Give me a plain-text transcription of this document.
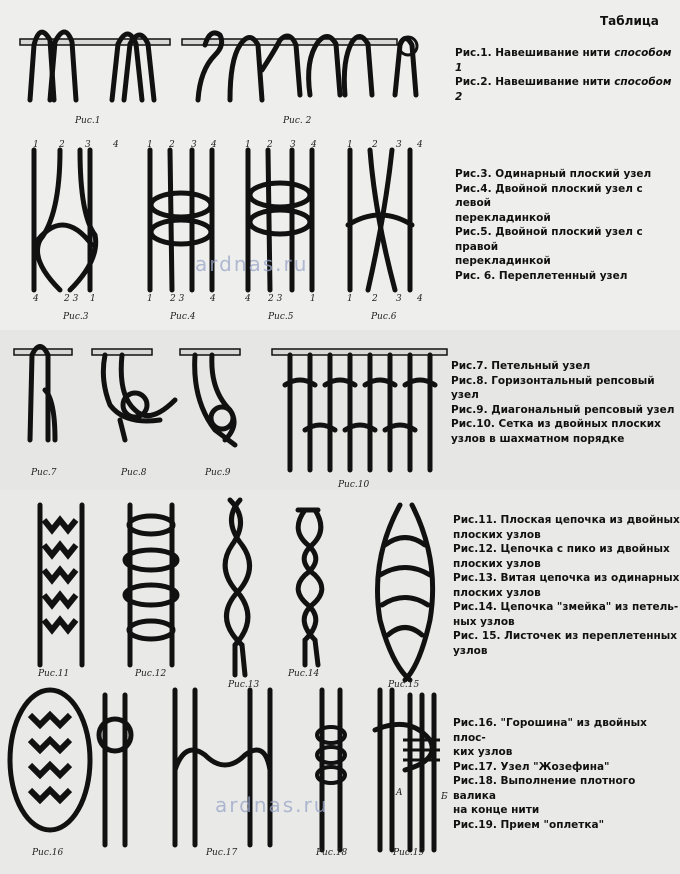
Таблица
Рис.1. Навешивание нити способом 1
Рис.2. Навешивание нити способом 2
Рис.3. Одинарный плоский узел
Рис.4. Двойной плоский узел с левой
перекладинкой
Рис.5. Двойной плоский узел с правой
перекладинкой
Рис. 6. Переплетенный узел
Рис.7. Петельный узел
Рис.8. Горизонтальный репсовый узел
Рис.9. Диагональный репсовый узел
Рис.10. Сетка из двойных плоских
узлов в шахматном порядке
Рис.11. Плоская цепочка из двойных
плоских узлов
Рис.12. Цепочка с пико из двойных
плоских узлов
Рис.13. Витая цепочка из одинарных
плоских узлов
Рис.14. Цепочка "змейка" из петель-
ных узлов
Рис. 15. Листочек из переплетенных
узлов
Рис.16. "Горошина" из двойных плос-
ких узлов
Рис.17. Узел "Жозефина"
Рис.18. Выполнение плотного валика
на конце нити
Рис.19. Прием "оплетка"
1 2 3 4	1 2 3 4	1 2 3 4	1 2 3 4
4	2 3 1	1 2 3	4	4 2 3	1	1 2 3 4
Рис.1	Рис. 2
Рис.3	Рис.4	Рис.5	Рис.6
Рис.7	Рис.8	Рис.9
Рис.10
Рис.11	Рис.12
Рис.13
Рис.14
Рис.15
Рис.16	Рис.17	Рис.18	Рис.19
A	Б
ardnas.ru
ardnas.ru
